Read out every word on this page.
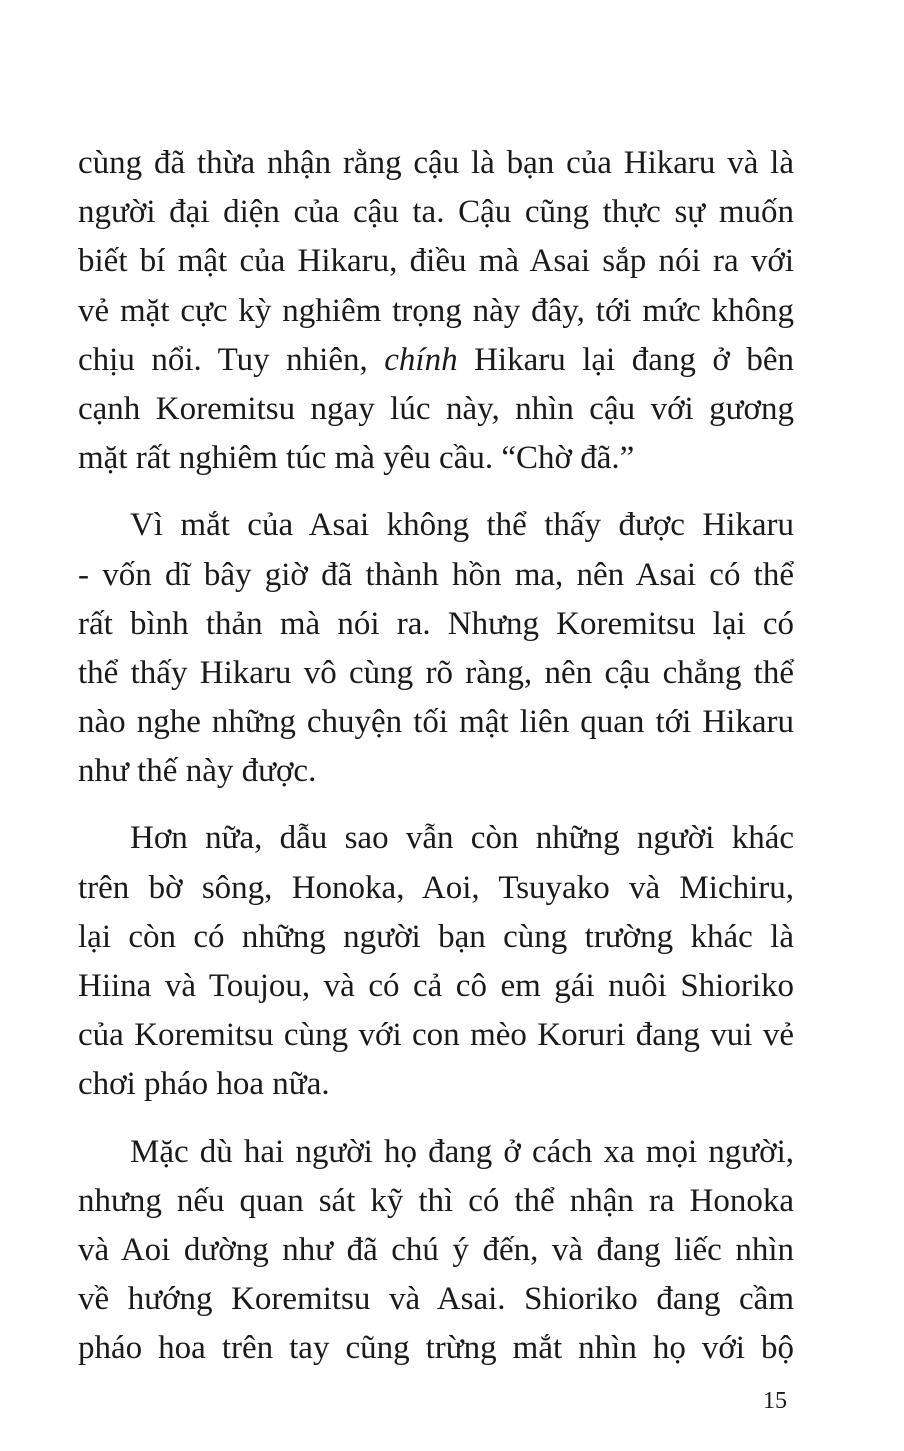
cùng đã thừa nhận rằng cậu là bạn của Hikaru và là
người đại diện của cậu ta. Cậu cũng thực sự muốn
biết bí mật của Hikaru, điều mà Asai sắp nói ra với
vẻ mặt cực kỳ nghiêm trọng này đây, tới mức không
chịu nổi. Tuy nhiên, chính Hikaru lại đang ở bên
cạnh Koremitsu ngay lúc này, nhìn cậu với gương
mặt rất nghiêm túc mà yêu cầu. “Chờ đã.”
Vì mắt của Asai không thể thấy được Hikaru
- vốn dĩ bây giờ đã thành hồn ma, nên Asai có thể
rất bình thản mà nói ra. Nhưng Koremitsu lại có
thể thấy Hikaru vô cùng rõ ràng, nên cậu chẳng thể
nào nghe những chuyện tối mật liên quan tới Hikaru
như thế này được.
Hơn nữa, dẫu sao vẫn còn những người khác
trên bờ sông, Honoka, Aoi, Tsuyako và Michiru,
lại còn có những người bạn cùng trường khác là
Hiina và Toujou, và có cả cô em gái nuôi Shioriko
của Koremitsu cùng với con mèo Koruri đang vui vẻ
chơi pháo hoa nữa.
Mặc dù hai người họ đang ở cách xa mọi người,
nhưng nếu quan sát kỹ thì có thể nhận ra Honoka
và Aoi dường như đã chú ý đến, và đang liếc nhìn
về hướng Koremitsu và Asai. Shioriko đang cầm
pháo hoa trên tay cũng trừng mắt nhìn họ với bộ
15
